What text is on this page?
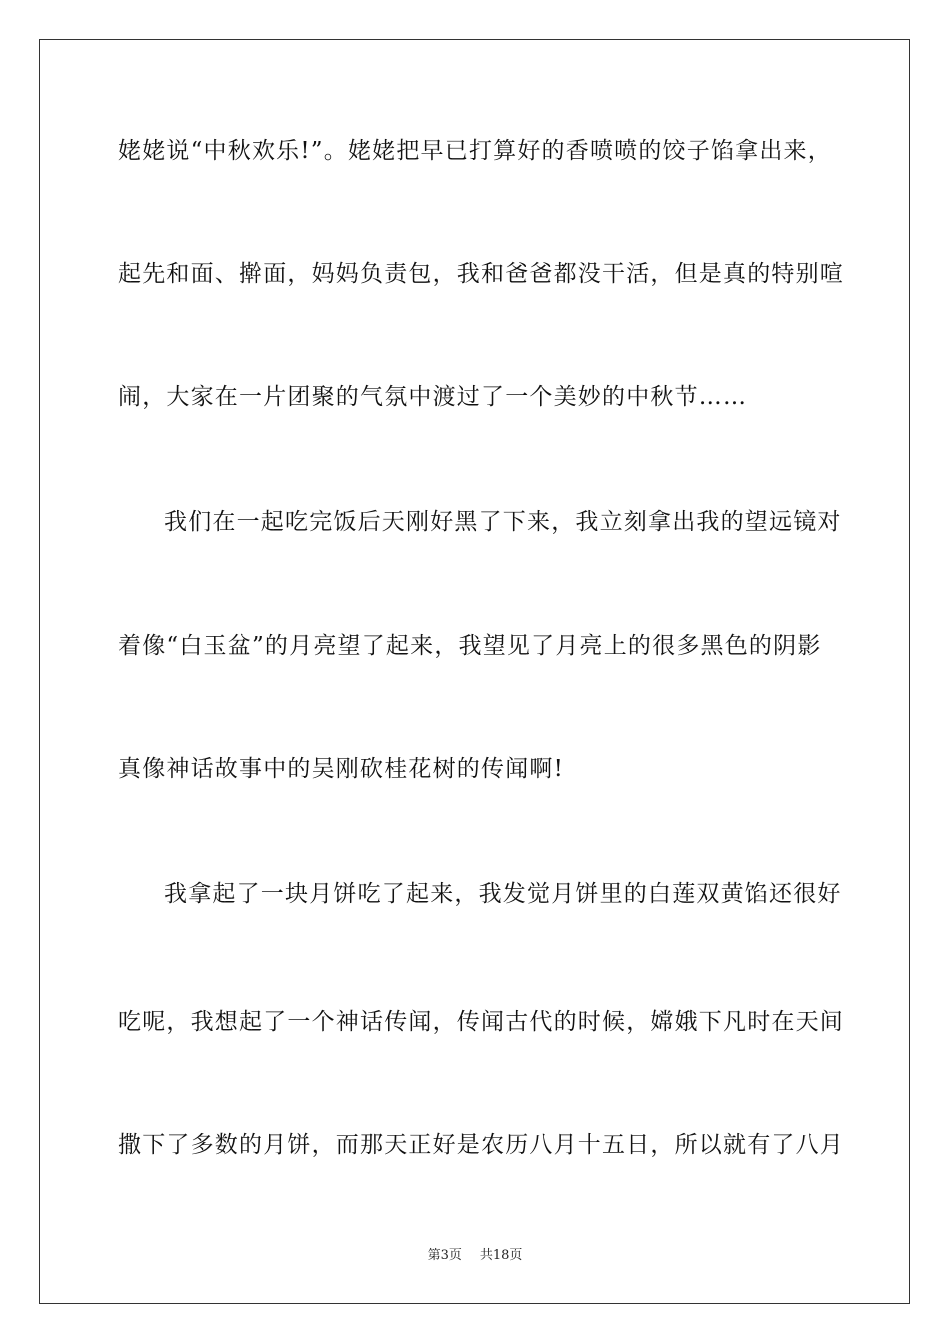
姥姥说“中秋欢乐!”。姥姥把早已打算好的香喷喷的饺子馅拿出来，
起先和面、擀面，妈妈负责包，我和爸爸都没干活，但是真的特别喧
闹，大家在一片团聚的气氛中渡过了一个美妙的中秋节……
我们在一起吃完饭后天刚好黑了下来，我立刻拿出我的望远镜对
着像“白玉盆”的月亮望了起来，我望见了月亮上的很多黑色的阴影
真像神话故事中的吴刚砍桂花树的传闻啊!
我拿起了一块月饼吃了起来，我发觉月饼里的白莲双黄馅还很好
吃呢，我想起了一个神话传闻，传闻古代的时候，嫦娥下凡时在天间
撒下了多数的月饼，而那天正好是农历八月十五日，所以就有了八月
第3页 共18页
